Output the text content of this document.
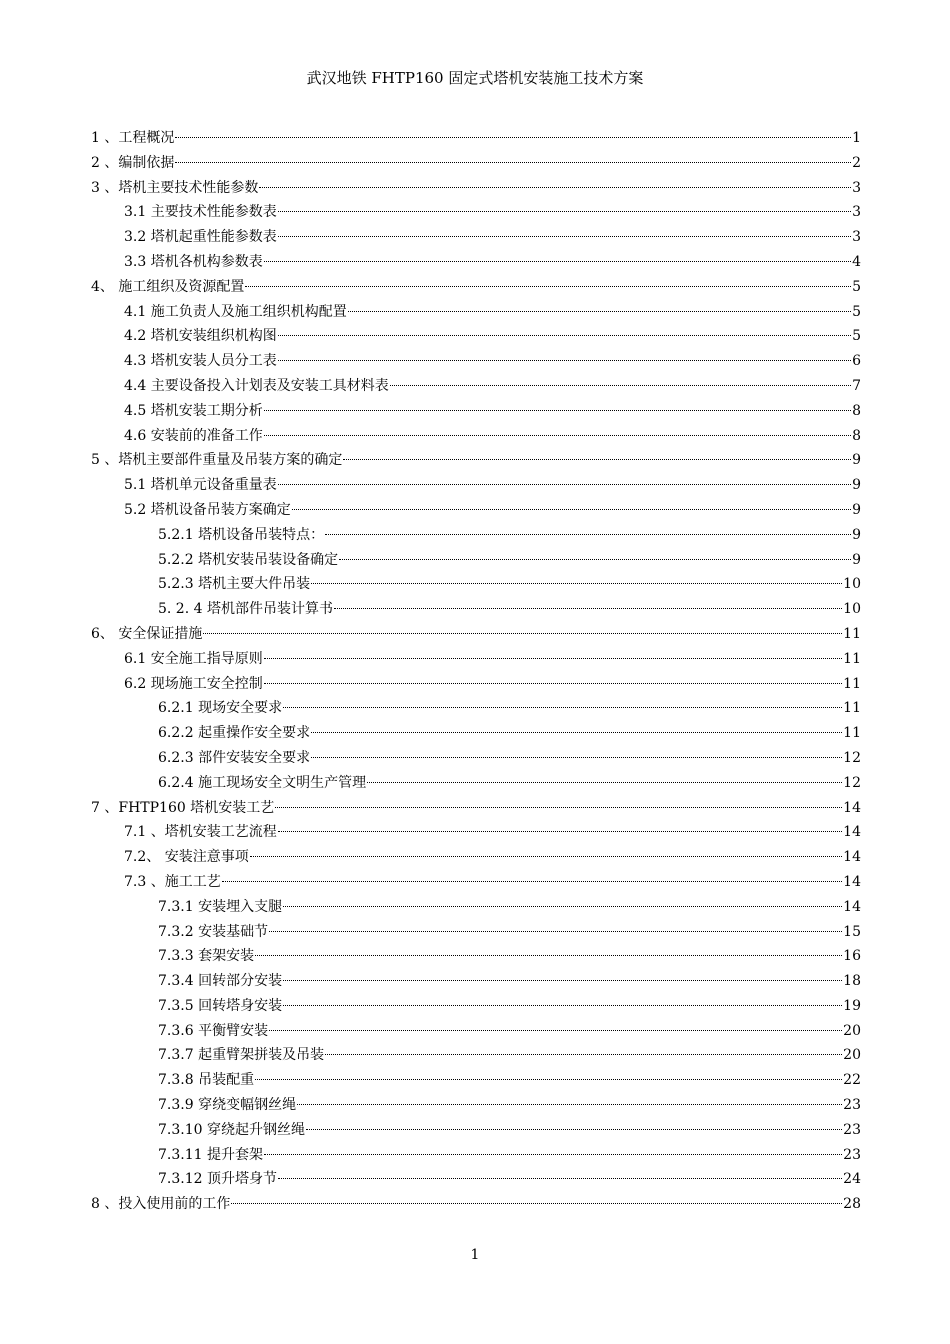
武汉地铁 FHTP160 固定式塔机安装施工技术方案
1 、工程概况	1
2 、编制依据	2
3 、塔机主要技术性能参数	3
3.1 主要技术性能参数表	3
3.2 塔机起重性能参数表	3
3.3 塔机各机构参数表	4
4、 施工组织及资源配置	5
4.1 施工负责人及施工组织机构配置	5
4.2 塔机安装组织机构图	5
4.3 塔机安装人员分工表	6
4.4 主要设备投入计划表及安装工具材料表	7
4.5 塔机安装工期分析	8
4.6 安装前的准备工作	8
5 、塔机主要部件重量及吊装方案的确定	9
5.1 塔机单元设备重量表	9
5.2 塔机设备吊装方案确定	9
5.2.1 塔机设备吊装特点：	9
5.2.2 塔机安装吊装设备确定	9
5.2.3 塔机主要大件吊装	10
5. 2. 4 塔机部件吊装计算书	10
6、 安全保证措施	11
6.1 安全施工指导原则	11
6.2 现场施工安全控制	11
6.2.1 现场安全要求	11
6.2.2 起重操作安全要求	11
6.2.3 部件安装安全要求	12
6.2.4 施工现场安全文明生产管理	12
7 、FHTP160 塔机安装工艺	14
7.1 、塔机安装工艺流程	14
7.2、 安装注意事项	14
7.3 、施工工艺	14
7.3.1 安装埋入支腿	14
7.3.2 安装基础节	15
7.3.3 套架安装	16
7.3.4 回转部分安装	18
7.3.5 回转塔身安装	19
7.3.6 平衡臂安装	20
7.3.7 起重臂架拼装及吊装	20
7.3.8 吊装配重	22
7.3.9 穿绕变幅钢丝绳	23
7.3.10 穿绕起升钢丝绳	23
7.3.11 提升套架	23
7.3.12 顶升塔身节	24
8 、投入使用前的工作	28
1
